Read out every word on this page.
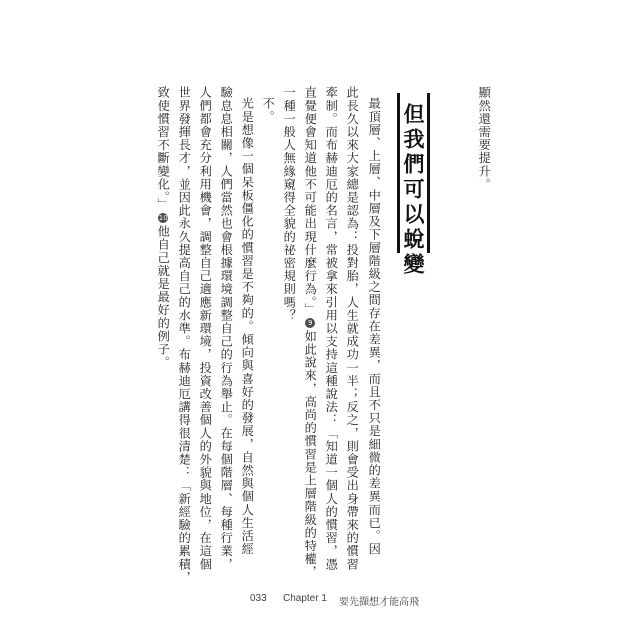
顯然還需要提升。
但我們可以蛻變
最頂層、上層、中層及下層階級之間存在差異，而且不只是細微的差異而已。因
此長久以來大家總是認為：投對胎，人生就成功一半；反之，則會受出身帶來的慣習
牽制。而布赫迪厄的名言，常被拿來引用以支持這種說法：「知道一個人的慣習，憑
直覺便會知道他不可能出現什麼行為。」9如此說來，高尚的慣習是上層階級的特權，
一種一般人無緣窺得全貌的祕密規則嗎？
不。
光是想像一個呆板僵化的慣習是不夠的。傾向與喜好的發展，自然與個人生活經
驗息息相關，人們當然也會根據環境調整自己的行為舉止。在每個階層、每種行業，
人們都會充分利用機會，調整自己適應新環境，投資改善個人的外貌與地位，在這個
世界發揮長才，並因此永久提高自己的水準。布赫迪厄講得很清楚：「新經驗的累積，
致使慣習不斷變化。」10他自己就是最好的例子。
033 Chapter 1 要先擷想才能高飛
